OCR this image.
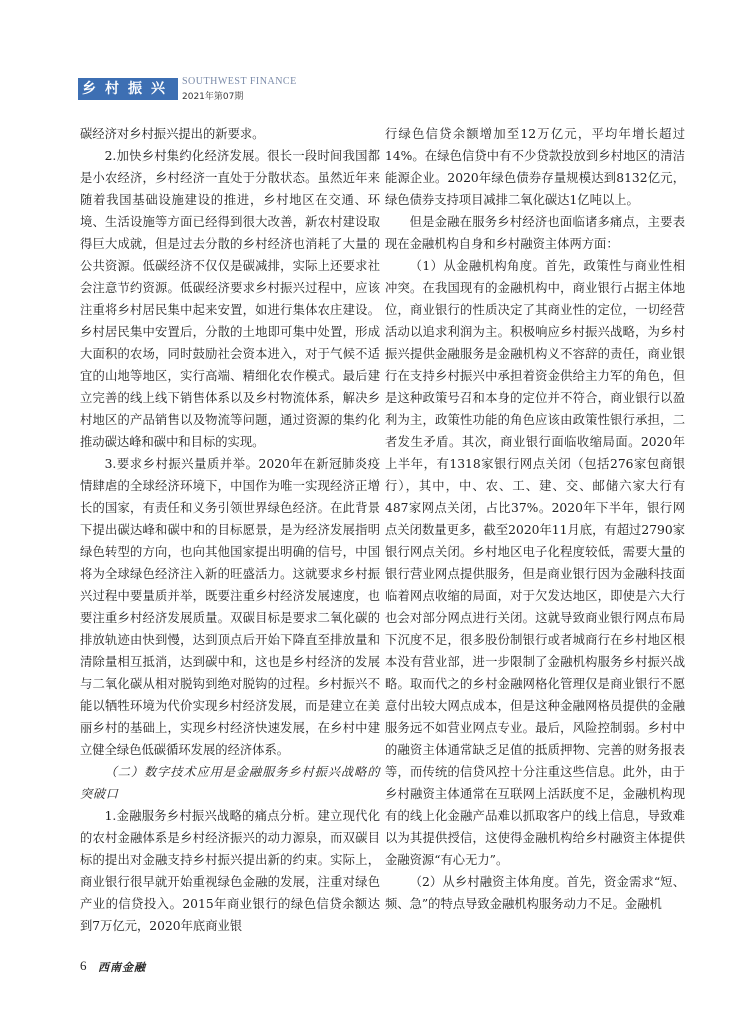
乡村振兴 SOUTHWEST FINANCE
2021年第07期

碳经济对乡村振兴提出的新要求。

2.加快乡村集约化经济发展。很长一段时间我国都是小农经济，乡村经济一直处于分散状态。虽然近年来随着我国基础设施建设的推进，乡村地区在交通、环境、生活设施等方面已经得到很大改善，新农村建设取得巨大成就，但是过去分散的乡村经济也消耗了大量的公共资源。低碳经济不仅仅是碳减排，实际上还要求社会注意节约资源。低碳经济要求乡村振兴过程中，应该注重将乡村居民集中起来安置，如进行集体农庄建设。乡村居民集中安置后，分散的土地即可集中处置，形成大面积的农场，同时鼓励社会资本进入，对于气候不适宜的山地等地区，实行高端、精细化农作模式。最后建立完善的线上线下销售体系以及乡村物流体系，解决乡村地区的产品销售以及物流等问题，通过资源的集约化推动碳达峰和碳中和目标的实现。

3.要求乡村振兴量质并举。2020年在新冠肺炎疫情肆虐的全球经济环境下，中国作为唯一实现经济正增长的国家，有责任和义务引领世界绿色经济。在此背景下提出碳达峰和碳中和的目标愿景，是为经济发展指明绿色转型的方向，也向其他国家提出明确的信号，中国将为全球绿色经济注入新的旺盛活力。这就要求乡村振兴过程中要量质并举，既要注重乡村经济发展速度，也要注重乡村经济发展质量。双碳目标是要求二氧化碳的排放轨迹由快到慢，达到顶点后开始下降直至排放量和清除量相互抵消，达到碳中和，这也是乡村经济的发展与二氧化碳从相对脱钩到绝对脱钩的过程。乡村振兴不能以牺牲环境为代价实现乡村经济发展，而是建立在美丽乡村的基础上，实现乡村经济快速发展，在乡村中建立健全绿色低碳循环发展的经济体系。

（二）数字技术应用是金融服务乡村振兴战略的突破口

1.金融服务乡村振兴战略的痛点分析。建立现代化的农村金融体系是乡村经济振兴的动力源泉，而双碳目标的提出对金融支持乡村振兴提出新的约束。实际上，商业银行很早就开始重视绿色金融的发展，注重对绿色产业的信贷投入。2015年商业银行的绿色信贷余额达到7万亿元，2020年底商业银

行绿色信贷余额增加至12万亿元，平均年增长超过14%。在绿色信贷中有不少贷款投放到乡村地区的清洁能源企业。2020年绿色债券存量规模达到8132亿元，绿色债券支持项目减排二氧化碳达1亿吨以上。

但是金融在服务乡村经济也面临诸多痛点，主要表现在金融机构自身和乡村融资主体两方面：

（1）从金融机构角度。首先，政策性与商业性相冲突。在我国现有的金融机构中，商业银行占据主体地位，商业银行的性质决定了其商业性的定位，一切经营活动以追求利润为主。积极响应乡村振兴战略，为乡村振兴提供金融服务是金融机构义不容辞的责任，商业银行在支持乡村振兴中承担着资金供给主力军的角色，但是这种政策号召和本身的定位并不符合，商业银行以盈利为主，政策性功能的角色应该由政策性银行承担，二者发生矛盾。其次，商业银行面临收缩局面。2020年上半年，有1318家银行网点关闭（包括276家包商银行），其中，中、农、工、建、交、邮储六家大行有487家网点关闭，占比37%。2020年下半年，银行网点关闭数量更多，截至2020年11月底，有超过2790家银行网点关闭。乡村地区电子化程度较低，需要大量的银行营业网点提供服务，但是商业银行因为金融科技面临着网点收缩的局面，对于欠发达地区，即使是六大行也会对部分网点进行关闭。这就导致商业银行网点布局下沉度不足，很多股份制银行或者城商行在乡村地区根本没有营业部，进一步限制了金融机构服务乡村振兴战略。取而代之的乡村金融网格化管理仅是商业银行不愿意付出较大网点成本，但是这种金融网格员提供的金融服务远不如营业网点专业。最后，风险控制弱。乡村中的融资主体通常缺乏足值的抵质押物、完善的财务报表等，而传统的信贷风控十分注重这些信息。此外，由于乡村融资主体通常在互联网上活跃度不足，金融机构现有的线上化金融产品难以抓取客户的线上信息，导致难以为其提供授信，这使得金融机构给乡村融资主体提供金融资源“有心无力”。

（2）从乡村融资主体角度。首先，资金需求“短、频、急”的特点导致金融机构服务动力不足。金融机

6 西南金融
